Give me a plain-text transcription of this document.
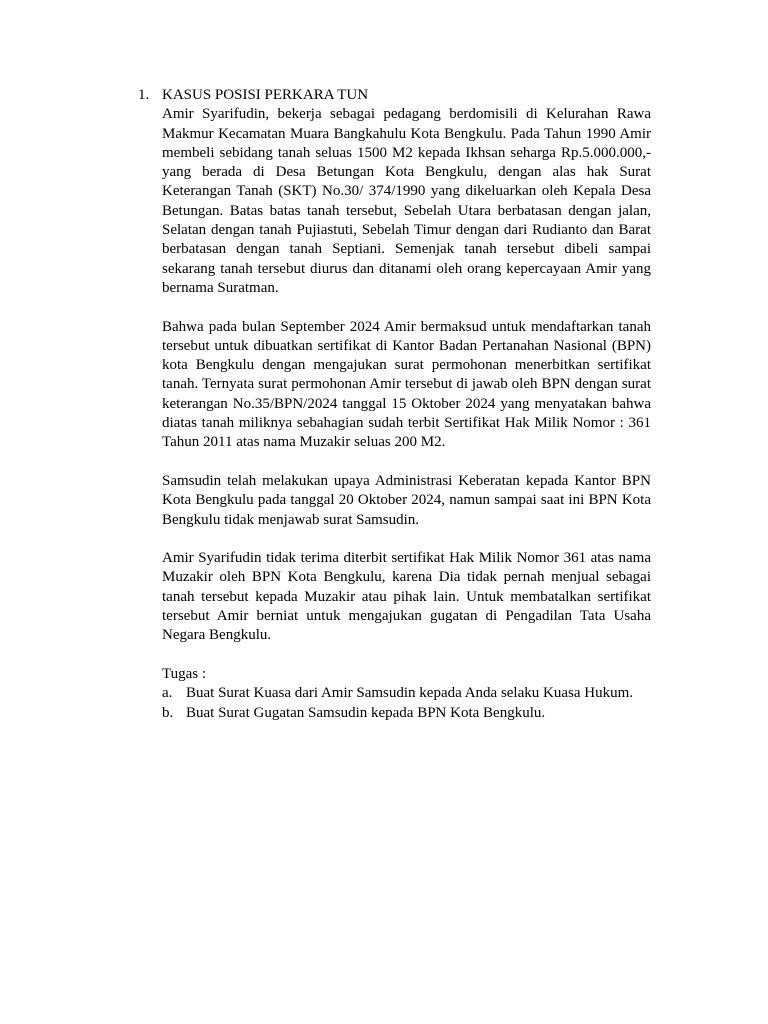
1. KASUS POSISI PERKARA TUN

Amir Syarifudin, bekerja sebagai pedagang berdomisili di Kelurahan Rawa Makmur Kecamatan Muara Bangkahulu Kota Bengkulu. Pada Tahun 1990 Amir membeli sebidang tanah seluas 1500 M2 kepada Ikhsan seharga Rp.5.000.000,- yang berada di Desa Betungan Kota Bengkulu, dengan alas hak Surat Keterangan Tanah (SKT) No.30/ 374/1990 yang dikeluarkan oleh Kepala Desa Betungan. Batas batas tanah tersebut, Sebelah Utara berbatasan dengan jalan, Selatan dengan tanah Pujiastuti, Sebelah Timur dengan dari Rudianto dan Barat berbatasan dengan tanah Septiani. Semenjak tanah tersebut dibeli sampai sekarang tanah tersebut diurus dan ditanami oleh orang kepercayaan Amir yang bernama Suratman.

Bahwa pada bulan September 2024 Amir bermaksud untuk mendaftarkan tanah tersebut untuk dibuatkan sertifikat di Kantor Badan Pertanahan Nasional (BPN) kota Bengkulu dengan mengajukan surat permohonan menerbitkan sertifikat tanah. Ternyata surat permohonan Amir tersebut di jawab oleh BPN dengan surat keterangan No.35/BPN/2024 tanggal 15 Oktober 2024 yang menyatakan bahwa diatas tanah miliknya sebahagian sudah terbit Sertifikat Hak Milik Nomor : 361 Tahun 2011 atas nama Muzakir seluas 200 M2.

Samsudin telah melakukan upaya Administrasi Keberatan kepada Kantor BPN Kota Bengkulu pada tanggal 20 Oktober 2024, namun sampai saat ini BPN Kota Bengkulu tidak menjawab surat Samsudin.

Amir Syarifudin tidak terima diterbit sertifikat Hak Milik Nomor 361 atas nama Muzakir oleh BPN Kota Bengkulu, karena Dia tidak pernah menjual sebagai tanah tersebut kepada Muzakir atau pihak lain. Untuk membatalkan sertifikat tersebut Amir berniat untuk mengajukan gugatan di Pengadilan Tata Usaha Negara Bengkulu.

Tugas :

a. Buat Surat Kuasa dari Amir Samsudin kepada Anda selaku Kuasa Hukum.
b. Buat Surat Gugatan Samsudin kepada BPN Kota Bengkulu.
